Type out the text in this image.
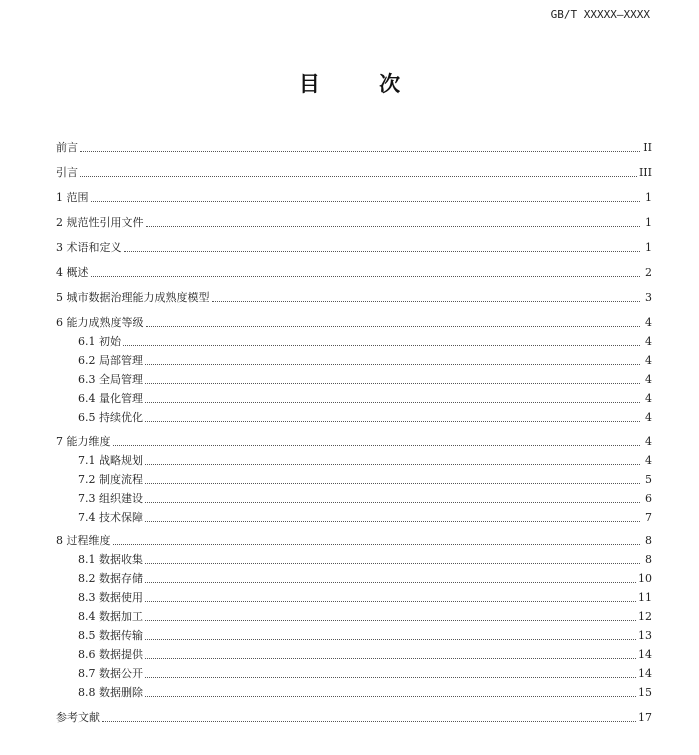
GB/T XXXXX—XXXX
目 次
前言	II
引言	III
1 范围	1
2 规范性引用文件	1
3 术语和定义	1
4 概述	2
5 城市数据治理能力成熟度模型	3
6 能力成熟度等级	4
6.1 初始	4
6.2 局部管理	4
6.3 全局管理	4
6.4 量化管理	4
6.5 持续优化	4
7 能力维度	4
7.1 战略规划	4
7.2 制度流程	5
7.3 组织建设	6
7.4 技术保障	7
8 过程维度	8
8.1 数据收集	8
8.2 数据存储	10
8.3 数据使用	11
8.4 数据加工	12
8.5 数据传输	13
8.6 数据提供	14
8.7 数据公开	14
8.8 数据删除	15
参考文献	17
